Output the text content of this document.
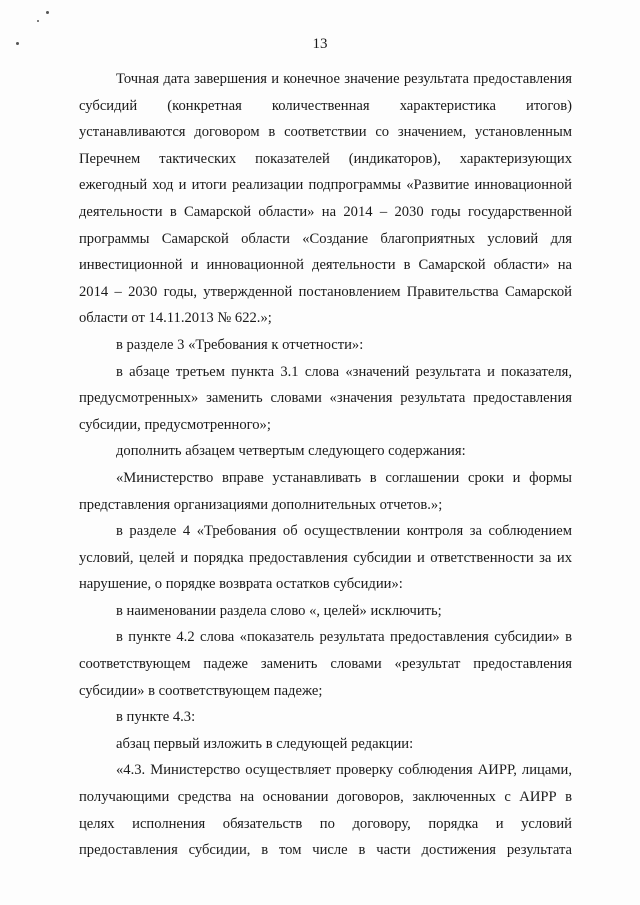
13

Точная дата завершения и конечное значение результата предоставления субсидий (конкретная количественная характеристика итогов) устанавливаются договором в соответствии со значением, установленным Перечнем тактических показателей (индикаторов), характеризующих ежегодный ход и итоги реализации подпрограммы «Развитие инновационной деятельности в Самарской области» на 2014 – 2030 годы государственной программы Самарской области «Создание благоприятных условий для инвестиционной и инновационной деятельности в Самарской области» на 2014 – 2030 годы, утвержденной постановлением Правительства Самарской области от 14.11.2013 № 622.»;

в разделе 3 «Требования к отчетности»:

в абзаце третьем пункта 3.1 слова «значений результата и показателя, предусмотренных» заменить словами «значения результата предоставления субсидии, предусмотренного»;

дополнить абзацем четвертым следующего содержания:

«Министерство вправе устанавливать в соглашении сроки и формы представления организациями дополнительных отчетов.»;

в разделе 4 «Требования об осуществлении контроля за соблюдением условий, целей и порядка предоставления субсидии и ответственности за их нарушение, о порядке возврата остатков субсидии»:

в наименовании раздела слово «, целей» исключить;

в пункте 4.2 слова «показатель результата предоставления субсидии» в соответствующем падеже заменить словами «результат предоставления субсидии» в соответствующем падеже;

в пункте 4.3:

абзац первый изложить в следующей редакции:

«4.3. Министерство осуществляет проверку соблюдения АИРР, лицами, получающими средства на основании договоров, заключенных с АИРР в целях исполнения обязательств по договору, порядка и условий предоставления субсидии, в том числе в части достижения результата
